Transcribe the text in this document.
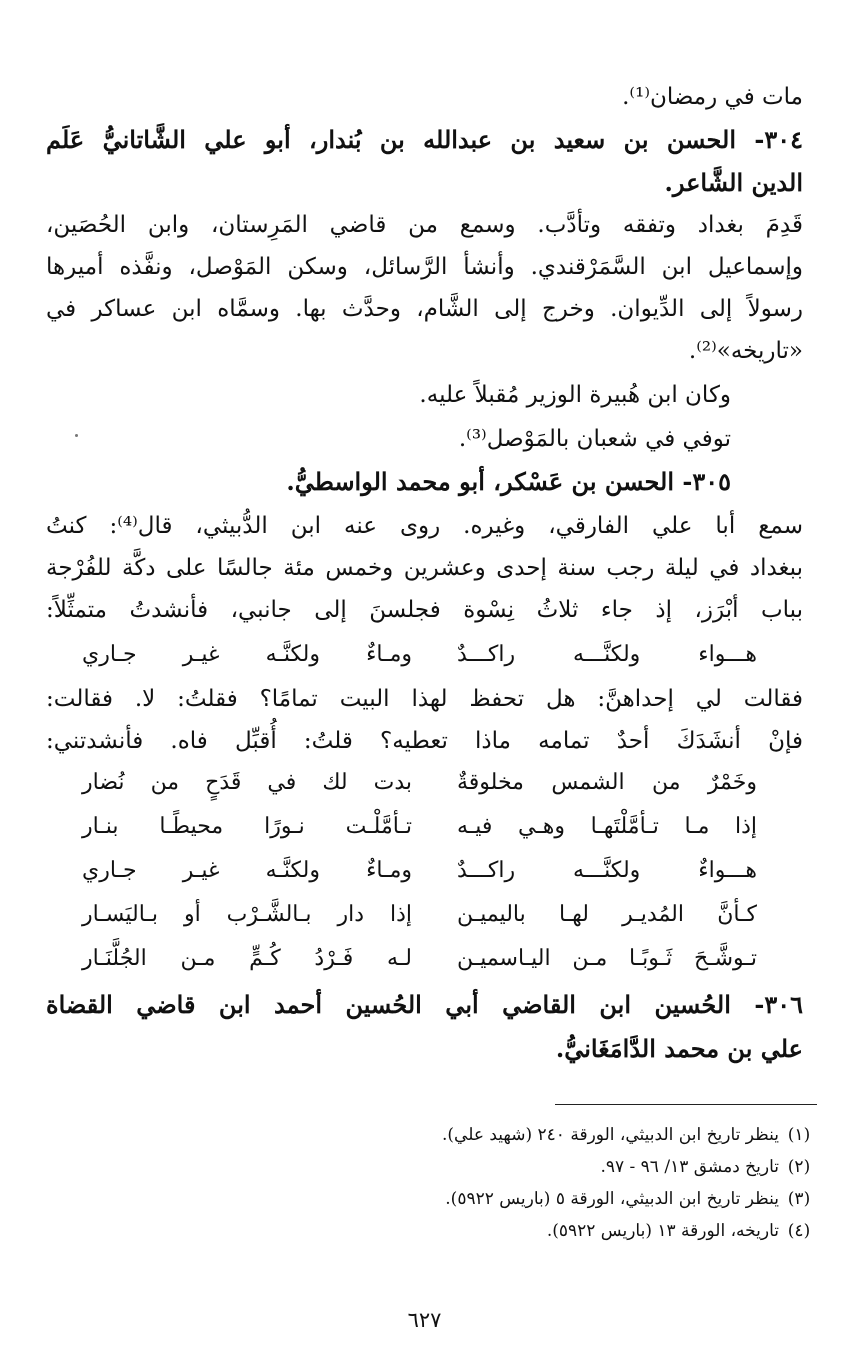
مات في رمضان⁽¹⁾.
٣٠٤- الحسن بن سعيد بن عبدالله بن بُندار، أبو علي الشَّاتانيُّ عَلَم
الدين الشَّاعر.
قَدِمَ بغداد وتفقه وتأدَّب. وسمع من قاضي المَرِستان، وابن الحُصَين،
وإسماعيل ابن السَّمَرْقندي. وأنشأ الرَّسائل، وسكن المَوْصل، ونفَّذه أميرها
رسولاً إلى الدِّيوان. وخرج إلى الشَّام، وحدَّث بها. وسمَّاه ابن عساكر في
«تاريخه»⁽²⁾.
وكان ابن هُبيرة الوزير مُقبلاً عليه.
توفي في شعبان بالمَوْصل⁽³⁾.
٣٠٥- الحسن بن عَسْكر، أبو محمد الواسطيُّ.
سمع أبا علي الفارقي، وغيره. روى عنه ابن الدُّبيثي، قال⁽⁴⁾: كنتُ
ببغداد في ليلة رجب سنة إحدى وعشرين وخمس مئة جالسًا على دكَّة للفُرْجة
بباب أبْرَز، إذ جاء ثلاثُ نِسْوة فجلسنَ إلى جانبي، فأنشدتُ متمثِّلاً:
هـــواء ولكنَّـــه راكـــدٌ
ومـاءٌ ولكنَّـه غيـر جـاري
فقالت لي إحداهنَّ: هل تحفظ لهذا البيت تمامًا؟ فقلتُ: لا. فقالت:
فإنْ أنشَدَكَ أحدٌ تمامه ماذا تعطيه؟ قلتُ: أُقبِّل فاه. فأنشدتني:
وخَمْرٌ من الشمس مخلوقةٌ
بدت لك في قَدَحٍ من نُضار
إذا مـا تـأمَّلْتَهـا وهـي فيـه
تـأمَّلْـت نـورًا محيطًـا بنـار
هـــواءٌ ولكنَّـــه راكـــدٌ
ومـاءٌ ولكنَّـه غيـر جـاري
كـأنَّ المُديـر لهـا باليميـن
إذا دار بـالشَّـرْب أو بـاليَسـار
تـوشَّـحَ ثَـوبًـا مـن اليـاسميـن
لـه فَـرْدُ كُـمٍّ مـن الجُلَّنَـار
٣٠٦- الحُسين ابن القاضي أبي الحُسين أحمد ابن قاضي القضاة
علي بن محمد الدَّامَغَانيُّ.
(١)ينظر تاريخ ابن الدبيثي، الورقة ٢٤٠ (شهيد علي).
(٢)تاريخ دمشق ١٣/ ٩٦ - ٩٧.
(٣)ينظر تاريخ ابن الدبيثي، الورقة ٥ (باريس ٥٩٢٢).
(٤)تاريخه، الورقة ١٣ (باريس ٥٩٢٢).
٦٢٧
